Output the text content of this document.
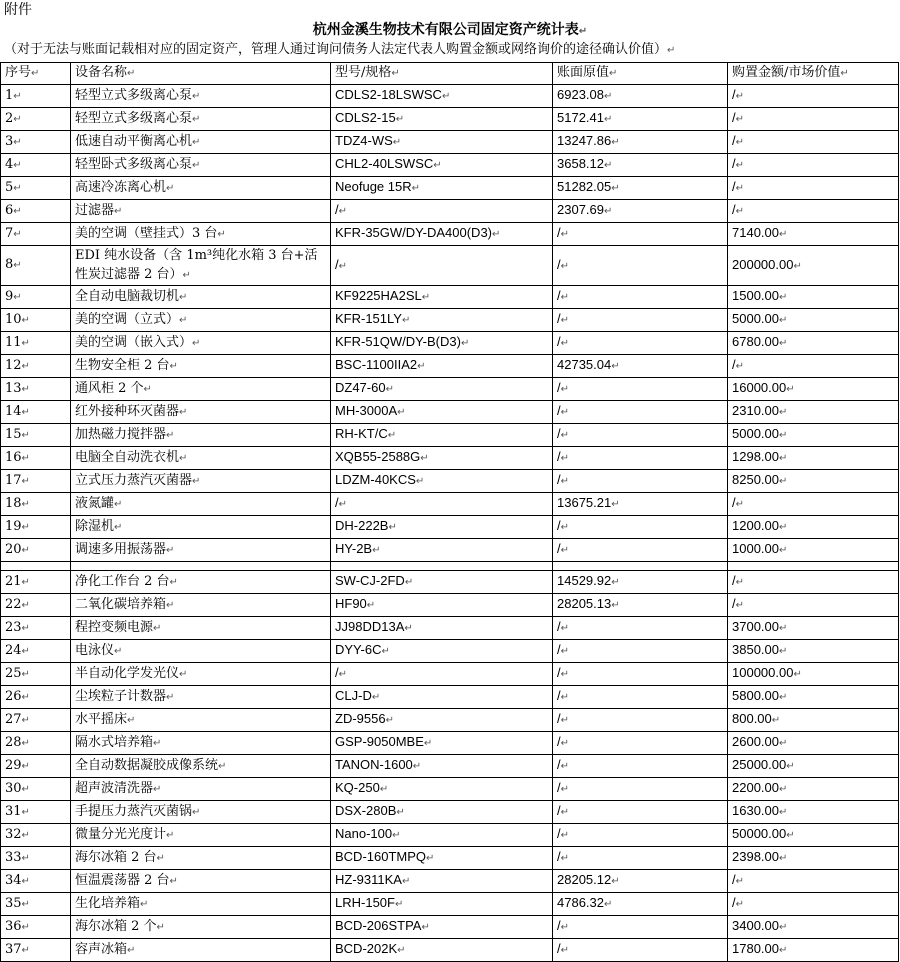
附件
杭州金溪生物技术有限公司固定资产统计表↵
（对于无法与账面记载相对应的固定资产，管理人通过询问债务人法定代表人购置金额或网络询价的途径确认价值）↵
序号↵	设备名称↵	型号/规格↵	账面原值↵	购置金额/市场价值↵
1↵	轻型立式多级离心泵↵	CDLS2-18LSWSC↵	6923.08↵	/↵
2↵	轻型立式多级离心泵↵	CDLS2-15↵	5172.41↵	/↵
3↵	低速自动平衡离心机↵	TDZ4-WS↵	13247.86↵	/↵
4↵	轻型卧式多级离心泵↵	CHL2-40LSWSC↵	3658.12↵	/↵
5↵	高速冷冻离心机↵	Neofuge 15R↵	51282.05↵	/↵
6↵	过滤器↵	/↵	2307.69↵	/↵
7↵	美的空调（壁挂式）3 台↵	KFR-35GW/DY-DA400(D3)↵	/↵	7140.00↵
8↵	EDI 纯水设备（含 1m³纯化水箱 3 台+活性炭过滤器 2 台）↵	/↵	/↵	200000.00↵
9↵	全自动电脑裁切机↵	KF9225HA2SL↵	/↵	1500.00↵
10↵	美的空调（立式）↵	KFR-151LY↵	/↵	5000.00↵
11↵	美的空调（嵌入式）↵	KFR-51QW/DY-B(D3)↵	/↵	6780.00↵
12↵	生物安全柜 2 台↵	BSC-1100IIA2↵	42735.04↵	/↵
13↵	通风柜 2 个↵	DZ47-60↵	/↵	16000.00↵
14↵	红外接种环灭菌器↵	MH-3000A↵	/↵	2310.00↵
15↵	加热磁力搅拌器↵	RH-KT/C↵	/↵	5000.00↵
16↵	电脑全自动洗衣机↵	XQB55-2588G↵	/↵	1298.00↵
17↵	立式压力蒸汽灭菌器↵	LDZM-40KCS↵	/↵	8250.00↵
18↵	液氮罐↵	/↵	13675.21↵	/↵
19↵	除湿机↵	DH-222B↵	/↵	1200.00↵
20↵	调速多用振荡器↵	HY-2B↵	/↵	1000.00↵

21↵	净化工作台 2 台↵	SW-CJ-2FD↵	14529.92↵	/↵
22↵	二氧化碳培养箱↵	HF90↵	28205.13↵	/↵
23↵	程控变频电源↵	JJ98DD13A↵	/↵	3700.00↵
24↵	电泳仪↵	DYY-6C↵	/↵	3850.00↵
25↵	半自动化学发光仪↵	/↵	/↵	100000.00↵
26↵	尘埃粒子计数器↵	CLJ-D↵	/↵	5800.00↵
27↵	水平摇床↵	ZD-9556↵	/↵	800.00↵
28↵	隔水式培养箱↵	GSP-9050MBE↵	/↵	2600.00↵
29↵	全自动数据凝胶成像系统↵	TANON-1600↵	/↵	25000.00↵
30↵	超声波清洗器↵	KQ-250↵	/↵	2200.00↵
31↵	手提压力蒸汽灭菌锅↵	DSX-280B↵	/↵	1630.00↵
32↵	微量分光光度计↵	Nano-100↵	/↵	50000.00↵
33↵	海尔冰箱 2 台↵	BCD-160TMPQ↵	/↵	2398.00↵
34↵	恒温震荡器 2 台↵	HZ-9311KA↵	28205.12↵	/↵
35↵	生化培养箱↵	LRH-150F↵	4786.32↵	/↵
36↵	海尔冰箱 2 个↵	BCD-206STPA↵	/↵	3400.00↵
37↵	容声冰箱↵	BCD-202K↵	/↵	1780.00↵
